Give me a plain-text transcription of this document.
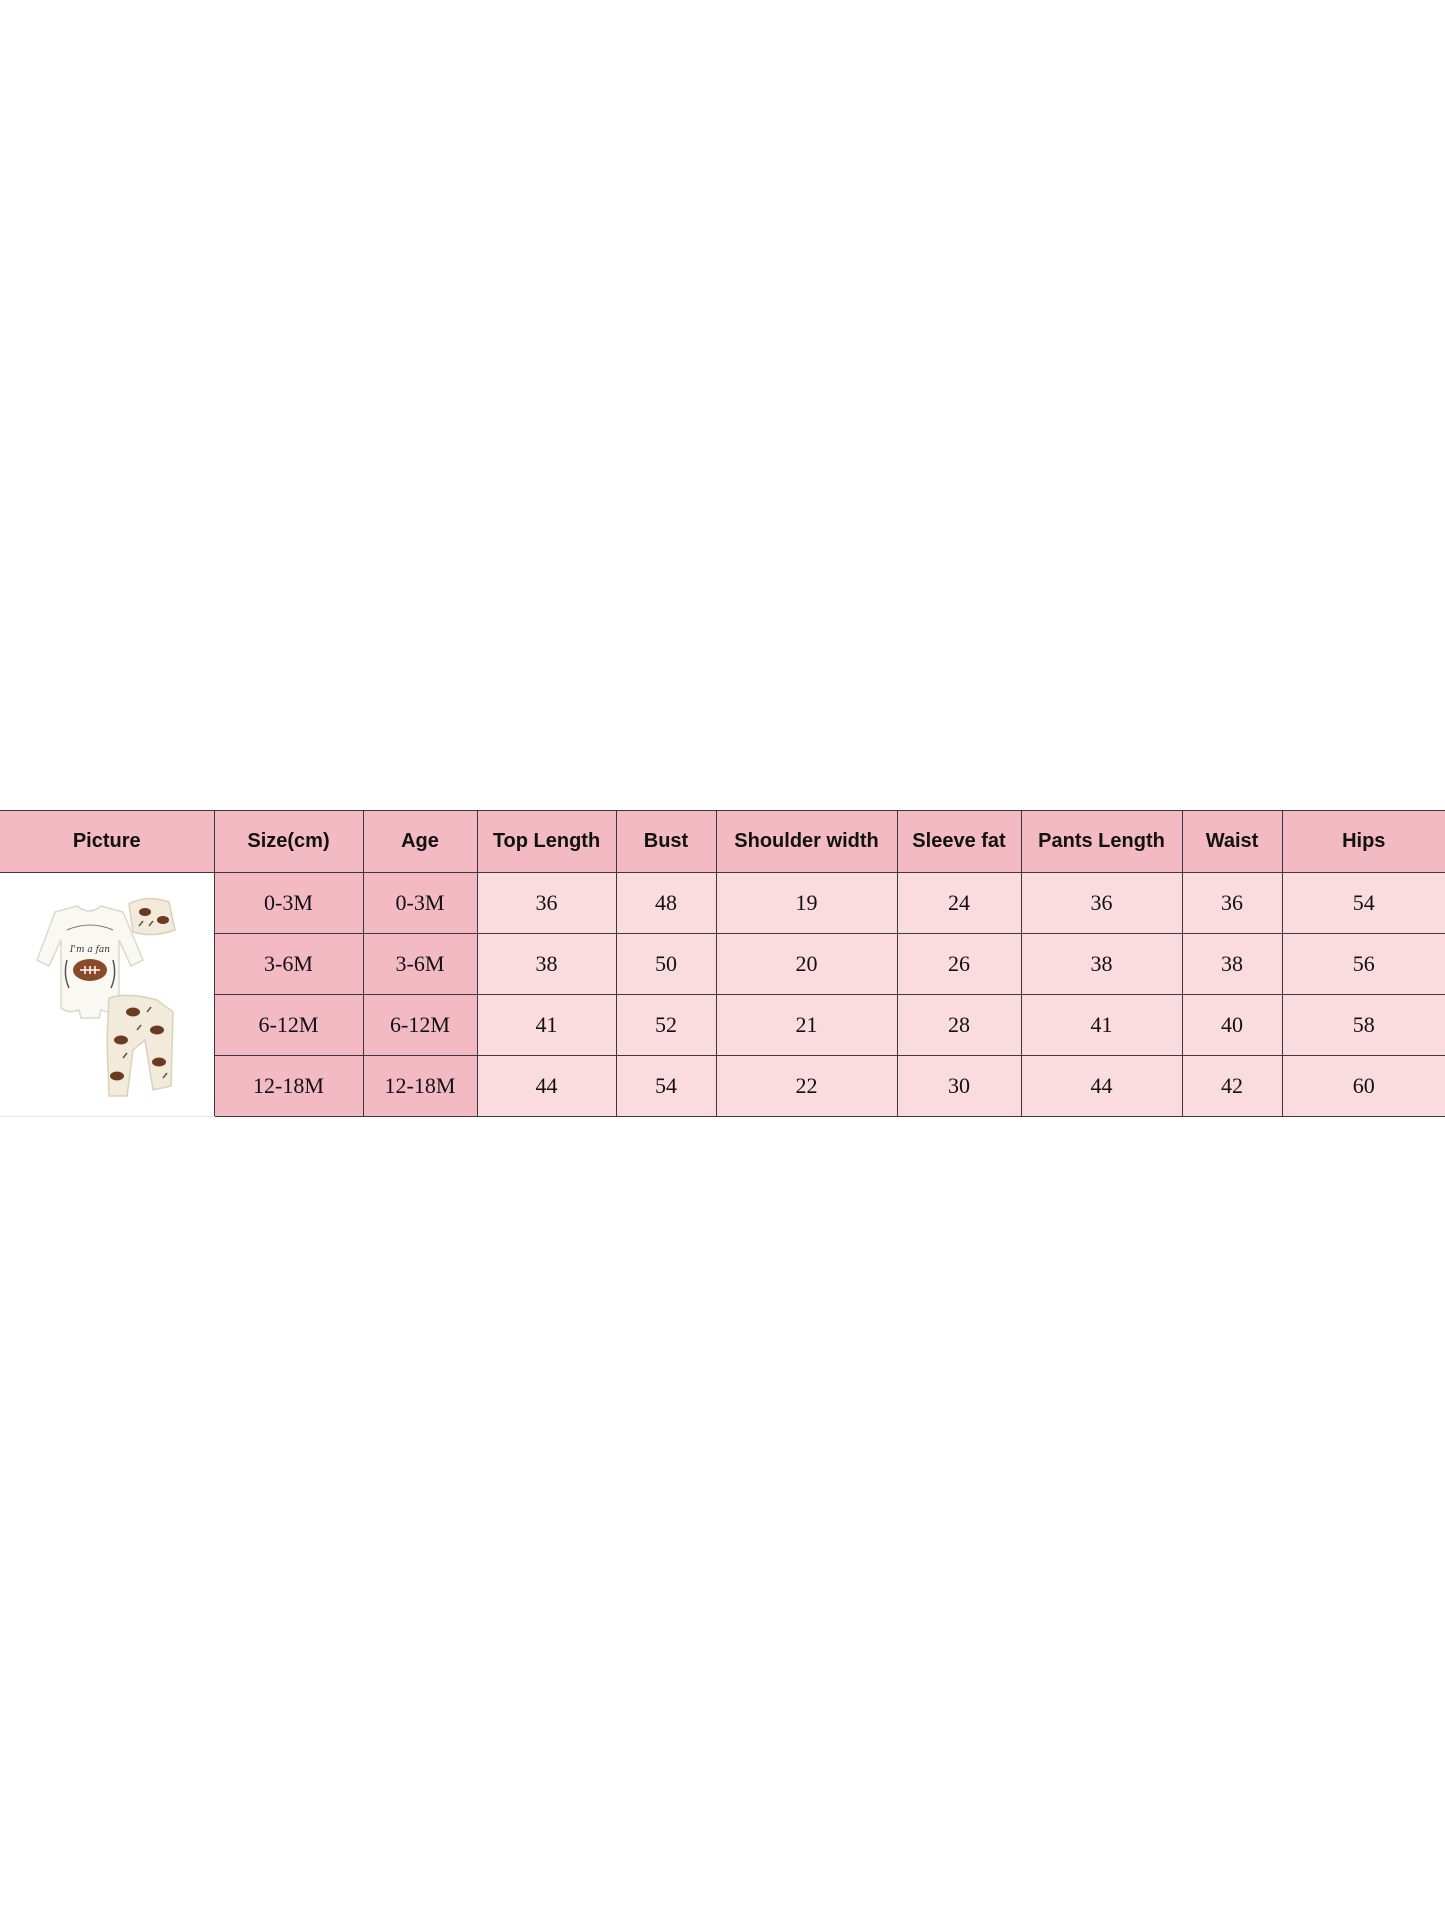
Picture	Size(cm)	Age	Top Length	Bust	Shoulder width	Sleeve fat	Pants Length	Waist	Hips

I'm a fan	0-3M	0-3M	36	48	19	24	36	36	54
	3-6M	3-6M	38	50	20	26	38	38	56
	6-12M	6-12M	41	52	21	28	41	40	58
	12-18M	12-18M	44	54	22	30	44	42	60
